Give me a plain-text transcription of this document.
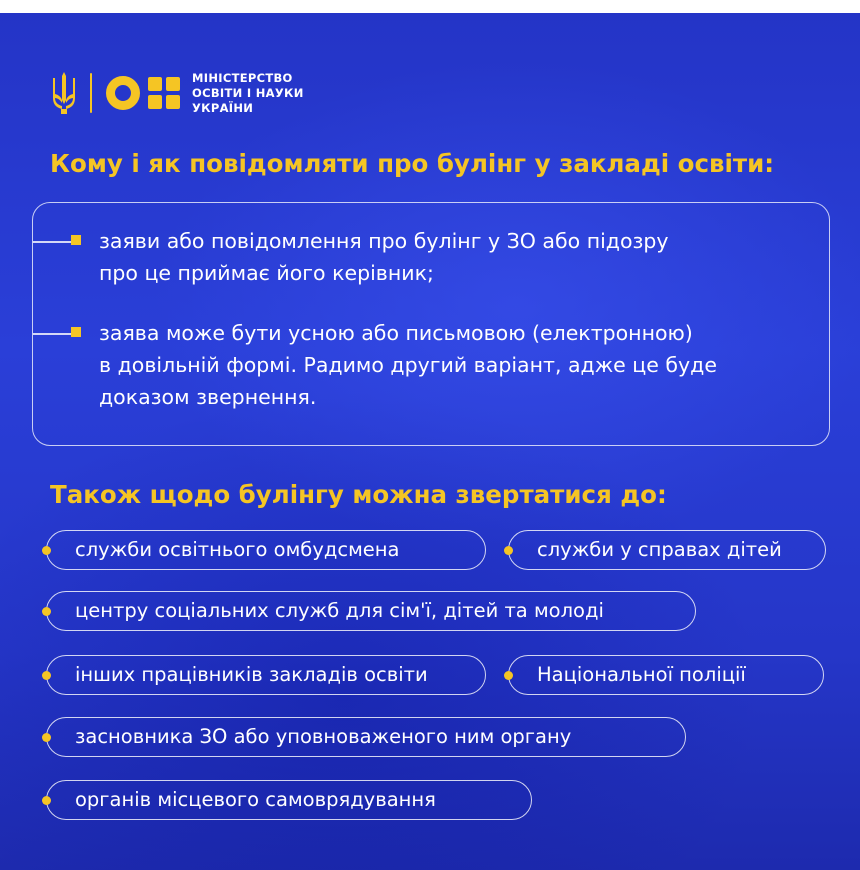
МІНІСТЕРСТВО
ОСВІТИ І НАУКИ
УКРАЇНИ
Кому і як повідомляти про булінг у закладі освіти:
заяви або повідомлення про булінг у ЗО або підозру
про це приймає його керівник;
заява може бути усною або письмовою (електронною)
в довільній формі. Радимо другий варіант, адже це буде
доказом звернення.
Також щодо булінгу можна звертатися до:
служби освітнього омбудсмена	служби у справах дітей
центру соціальних служб для сім'ї, дітей та молоді
інших працівників закладів освіти	Національної поліції
засновника ЗО або уповноваженого ним органу
органів місцевого самоврядування
